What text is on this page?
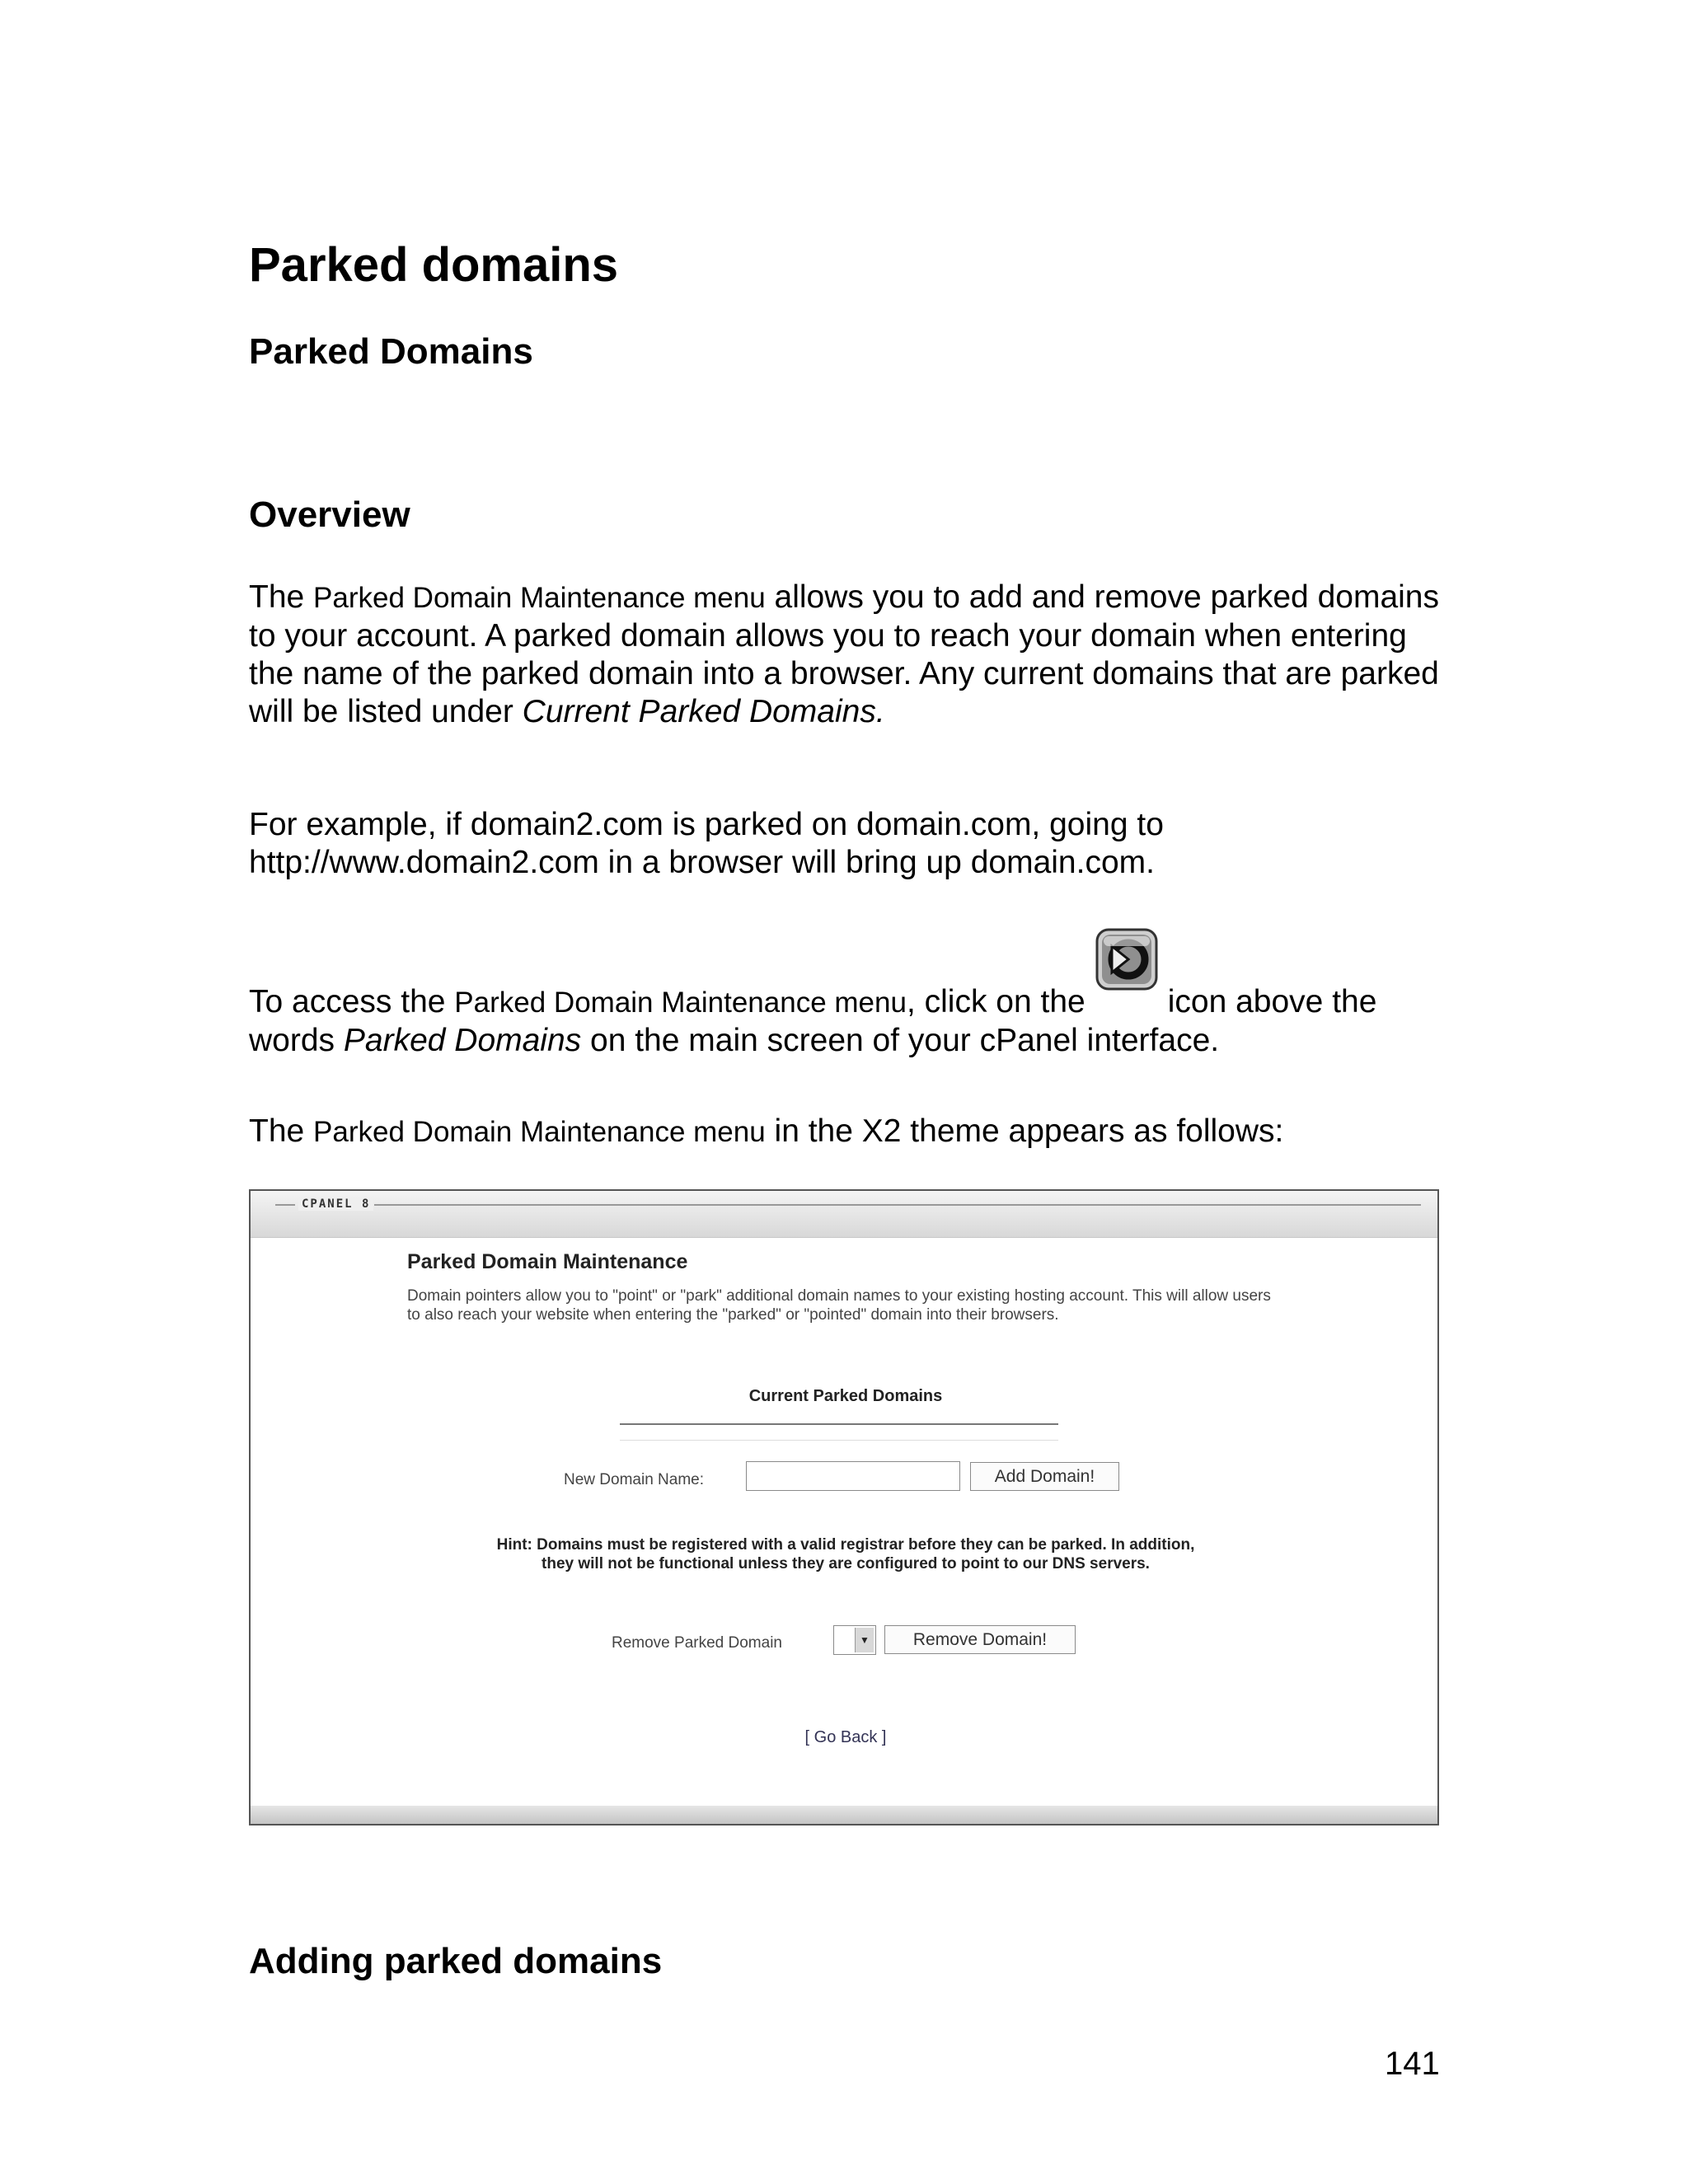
Parked domains
Parked Domains
Overview

The Parked Domain Maintenance menu allows you to add and remove parked domains to your account. A parked domain allows you to reach your domain when entering the name of the parked domain into a browser. Any current domains that are parked will be listed under Current Parked Domains.

For example, if domain2.com is parked on domain.com, going to http://www.domain2.com in a browser will bring up domain.com.

To access the Parked Domain Maintenance menu, click on the	icon above the words Parked Domains on the main screen of your cPanel interface.

The Parked Domain Maintenance menu in the X2 theme appears as follows:

CPANEL 8
Parked Domain Maintenance
Domain pointers allow you to "point" or "park" additional domain names to your existing hosting account. This will allow users to also reach your website when entering the "parked" or "pointed" domain into their browsers.
Current Parked Domains
New Domain Name:	Add Domain!
Hint: Domains must be registered with a valid registrar before they can be parked. In addition,
they will not be functional unless they are configured to point to our DNS servers.
Remove Parked Domain	▼	Remove Domain!
[ Go Back ]
Adding parked domains
141
